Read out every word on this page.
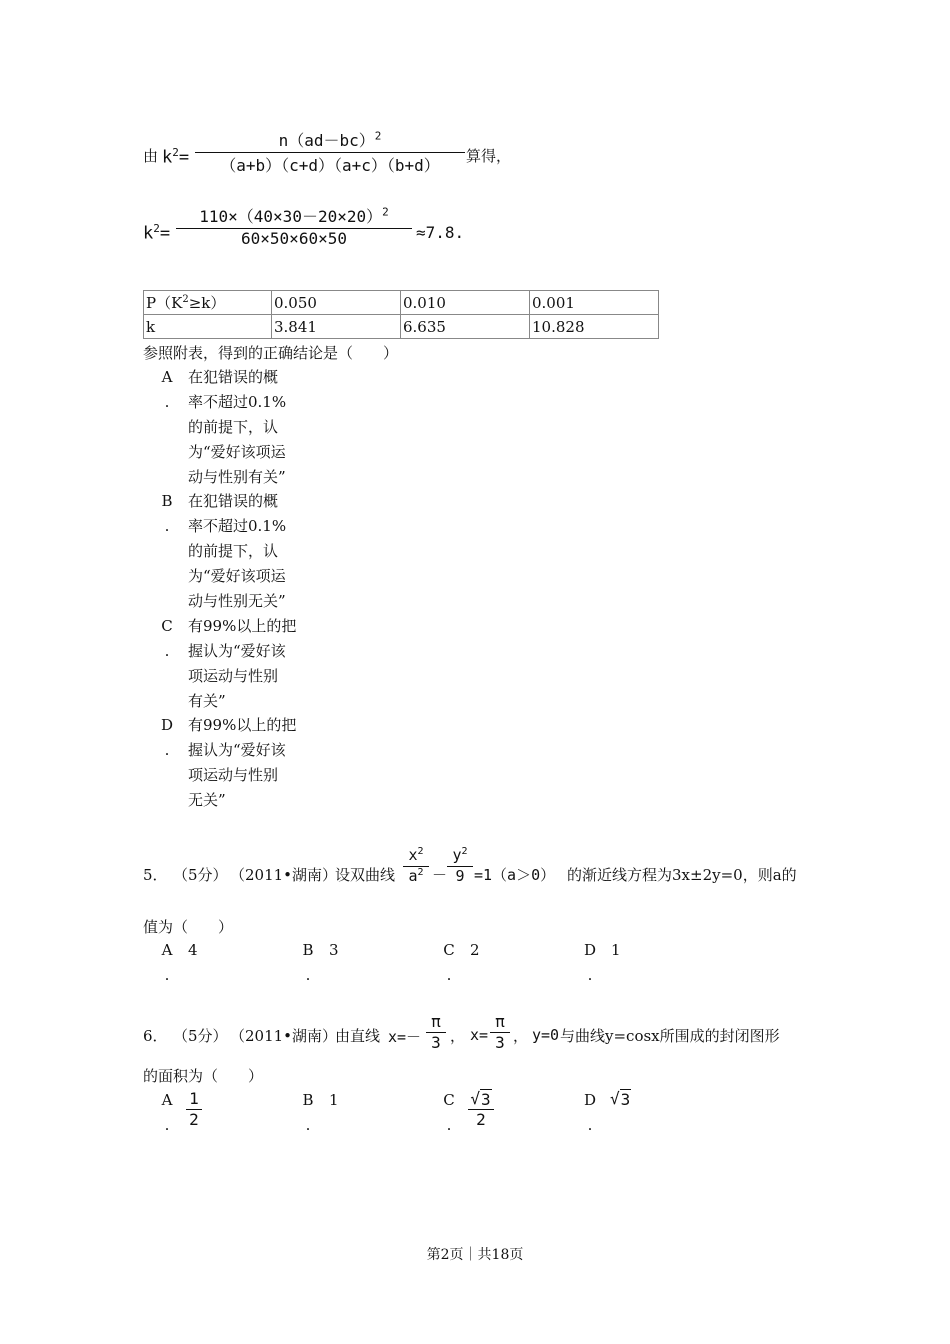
由 $k^2=$
$n(ad-bc)^2$
（a+b）（c+d）（a+c）（b+d） 算得，
$k^2=$
$110\times(40\times 30-20\times 20)^2$
60×50×60×50	≈7.8.
$P(K^2\ge k)$	0.050	0.010	0.001
k	3.841	6.635	10.828
参照附表，得到的正确结论是（　　）
A
.
在犯错误的概
率不超过0.1%
的前提下，认
为“爱好该项运
动与性别有关”
B
.
在犯错误的概
率不超过0.1%
的前提下，认
为“爱好该项运
动与性别无关”
C
.
有99%以上的把
握认为“爱好该
项运动与性别
有关”
D
.
有99%以上的把
握认为“爱好该
项运动与性别
无关”
5． （5分） （2011•湖南）
设双曲线
$x^2$
$a^2$ －
$y^2$
9 =1（a＞0） 的渐近线方程为3x±2y=0，则a的
值为（　　）
A
.
4	B
.
3	C
.
2	D
.
1
6． （5分） （2011•湖南）
由直线 x=－
π
3 ， x=
π
3 ， y=0 与曲线y=cosx所围成的封闭图形
的面积为（　　）
A
.
1
2
B
.
1	C
.
√ 3
2
D
.
√ 3
第2页｜共18页
